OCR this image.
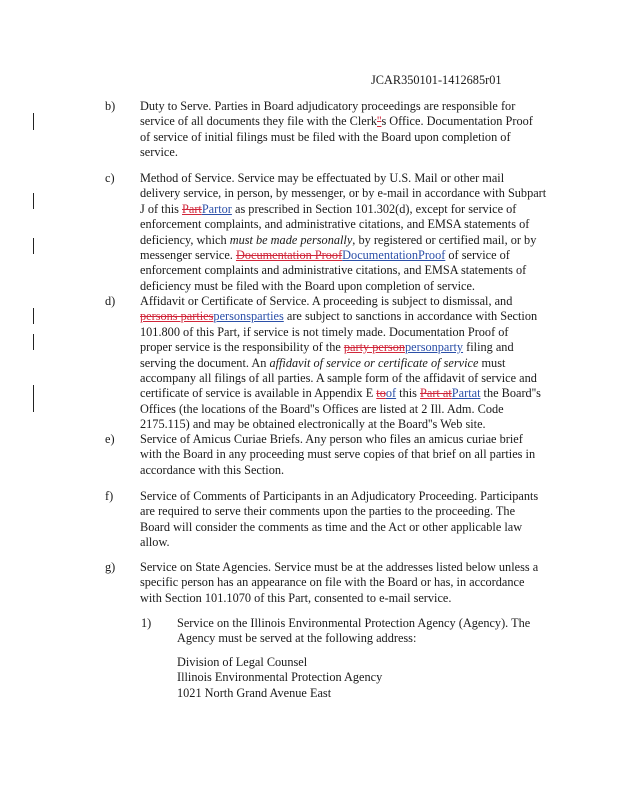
JCAR350101-1412685r01
b) Duty to Serve. Parties in Board adjudicatory proceedings are responsible for
service of all documents they file with the Clerk''s Office. Documentation Proof
of service of initial filings must be filed with the Board upon completion of
service.
c) Method of Service. Service may be effectuated by U.S. Mail or other mail
delivery service, in person, by messenger, or by e-mail in accordance with Subpart
J of this PartPartor as prescribed in Section 101.302(d), except for service of
enforcement complaints, and administrative citations, and EMSA statements of
deficiency, which must be made personally, by registered or certified mail, or by
messenger service. Documentation ProofDocumentationProof of service of
enforcement complaints and administrative citations, and EMSA statements of
deficiency must be filed with the Board upon completion of service.
d) Affidavit or Certificate of Service. A proceeding is subject to dismissal, and
persons partiespersonsparties are subject to sanctions in accordance with Section
101.800 of this Part, if service is not timely made. Documentation Proof of
proper service is the responsibility of the party personpersonparty filing and
serving the document. An affidavit of service or certificate of service must
accompany all filings of all parties. A sample form of the affidavit of service and
certificate of service is available in Appendix E toof this Part atPartat the Board''s
Offices (the locations of the Board''s Offices are listed at 2 Ill. Adm. Code
2175.115) and may be obtained electronically at the Board''s Web site.
e) Service of Amicus Curiae Briefs. Any person who files an amicus curiae brief
with the Board in any proceeding must serve copies of that brief on all parties in
accordance with this Section.
f) Service of Comments of Participants in an Adjudicatory Proceeding. Participants
are required to serve their comments upon the parties to the proceeding. The
Board will consider the comments as time and the Act or other applicable law
allow.
g) Service on State Agencies. Service must be at the addresses listed below unless a
specific person has an appearance on file with the Board or has, in accordance
with Section 101.1070 of this Part, consented to e-mail service.
1) Service on the Illinois Environmental Protection Agency (Agency). The
Agency must be served at the following address:
Division of Legal Counsel
Illinois Environmental Protection Agency
1021 North Grand Avenue East
